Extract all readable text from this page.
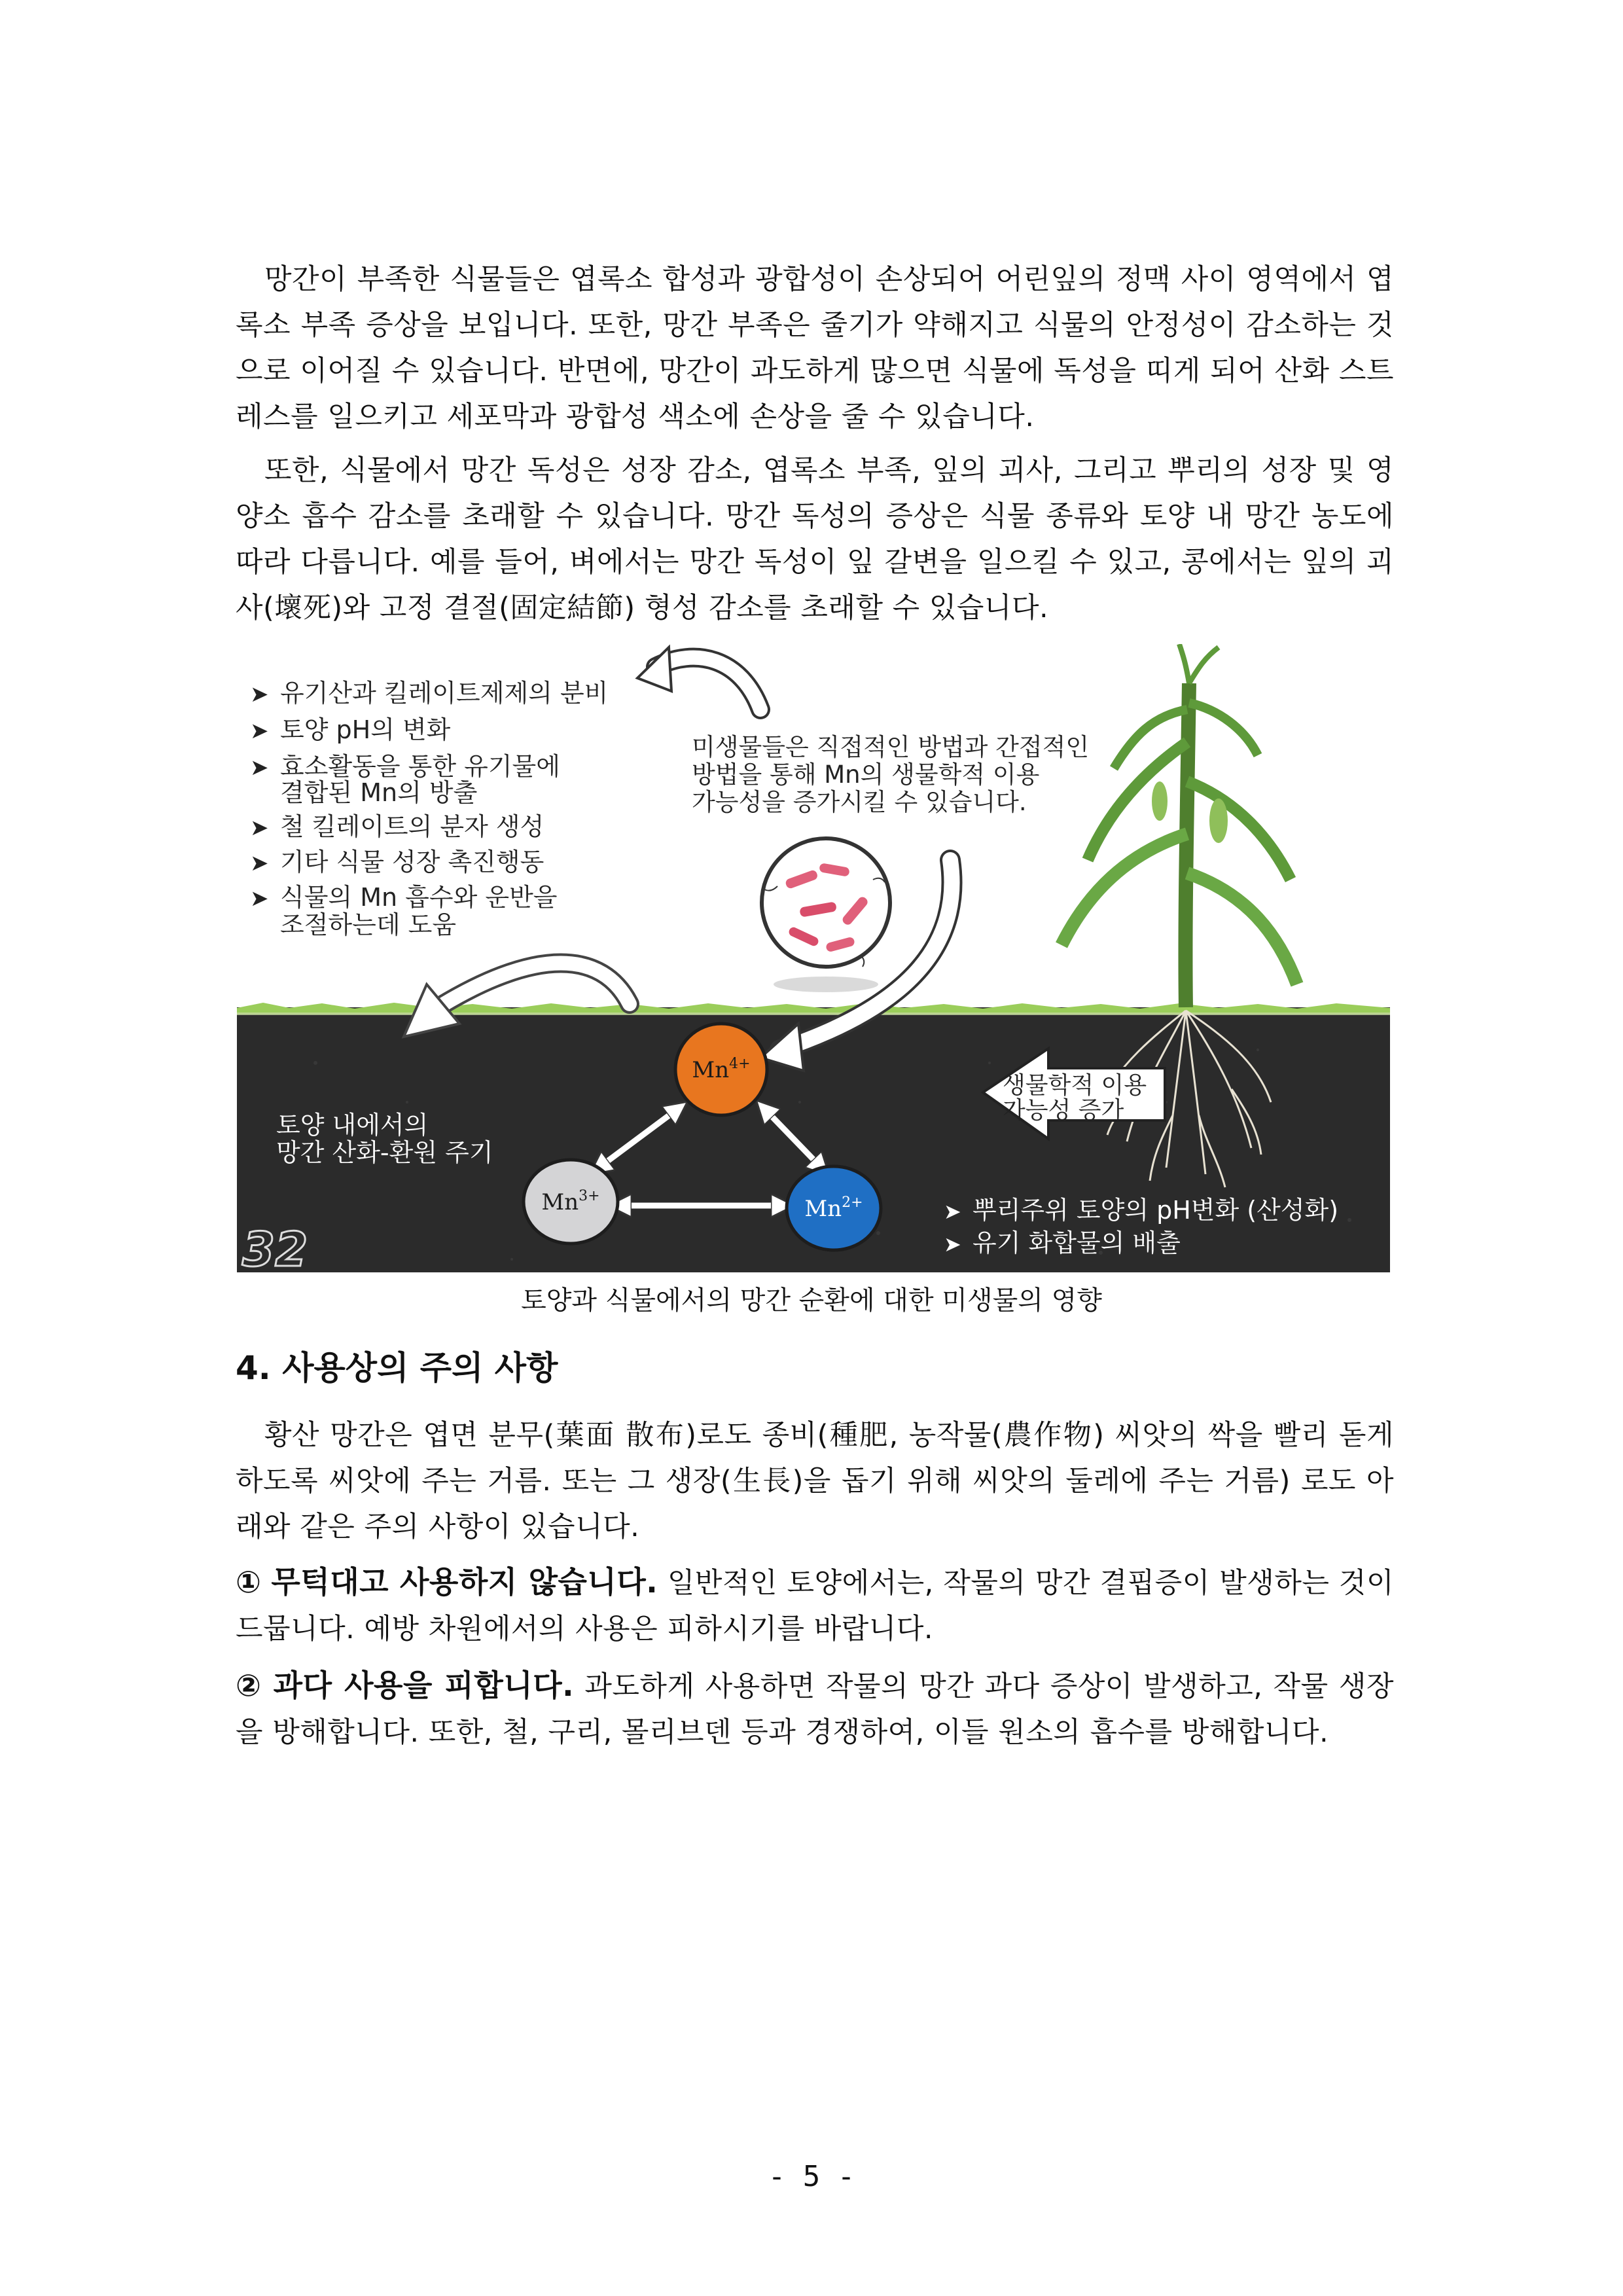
망간이 부족한 식물들은 엽록소 합성과 광합성이 손상되어 어린잎의 정맥 사이 영역에서 엽록소 부족 증상을 보입니다. 또한, 망간 부족은 줄기가 약해지고 식물의 안정성이 감소하는 것으로 이어질 수 있습니다. 반면에, 망간이 과도하게 많으면 식물에 독성을 띠게 되어 산화 스트레스를 일으키고 세포막과 광합성 색소에 손상을 줄 수 있습니다.

또한, 식물에서 망간 독성은 성장 감소, 엽록소 부족, 잎의 괴사, 그리고 뿌리의 성장 및 영양소 흡수 감소를 초래할 수 있습니다. 망간 독성의 증상은 식물 종류와 토양 내 망간 농도에 따라 다릅니다. 예를 들어, 벼에서는 망간 독성이 잎 갈변을 일으킬 수 있고, 콩에서는 잎의 괴사(壞死)와 고정 결절(固定結節) 형성 감소를 초래할 수 있습니다.

➤ 유기산과 킬레이트제제의 분비
➤ 토양 pH의 변화
➤ 효소활동을 통한 유기물에
결합된 Mn의 방출
➤ 철 킬레이트의 분자 생성
➤ 기타 식물 성장 촉진행동
➤ 식물의 Mn 흡수와 운반을
조절하는데 도움
미생물들은 직접적인 방법과 간접적인
방법을 통해 Mn의 생물학적 이용
가능성을 증가시킬 수 있습니다.
토양 내에서의
망간 산화-환원 주기
$Mn^{4+}$
$Mn^{3+}$	$Mn^{2+}$
생물학적 이용
가능성 증가
➤ 뿌리주위 토양의 pH변화 (산성화)
➤ 유기 화합물의 배출
32
토양과 식물에서의 망간 순환에 대한 미생물의 영향
4. 사용상의 주의 사항

황산 망간은 엽면 분무(葉面 散布)로도 종비(種肥, 농작물(農作物) 씨앗의 싹을 빨리 돋게 하도록 씨앗에 주는 거름. 또는 그 생장(生長)을 돕기 위해 씨앗의 둘레에 주는 거름) 로도 아래와 같은 주의 사항이 있습니다.

① 무턱대고 사용하지 않습니다. 일반적인 토양에서는, 작물의 망간 결핍증이 발생하는 것이 드뭅니다. 예방 차원에서의 사용은 피하시기를 바랍니다.

② 과다 사용을 피합니다. 과도하게 사용하면 작물의 망간 과다 증상이 발생하고, 작물 생장을 방해합니다. 또한, 철, 구리, 몰리브덴 등과 경쟁하여, 이들 원소의 흡수를 방해합니다.

- 5 -
